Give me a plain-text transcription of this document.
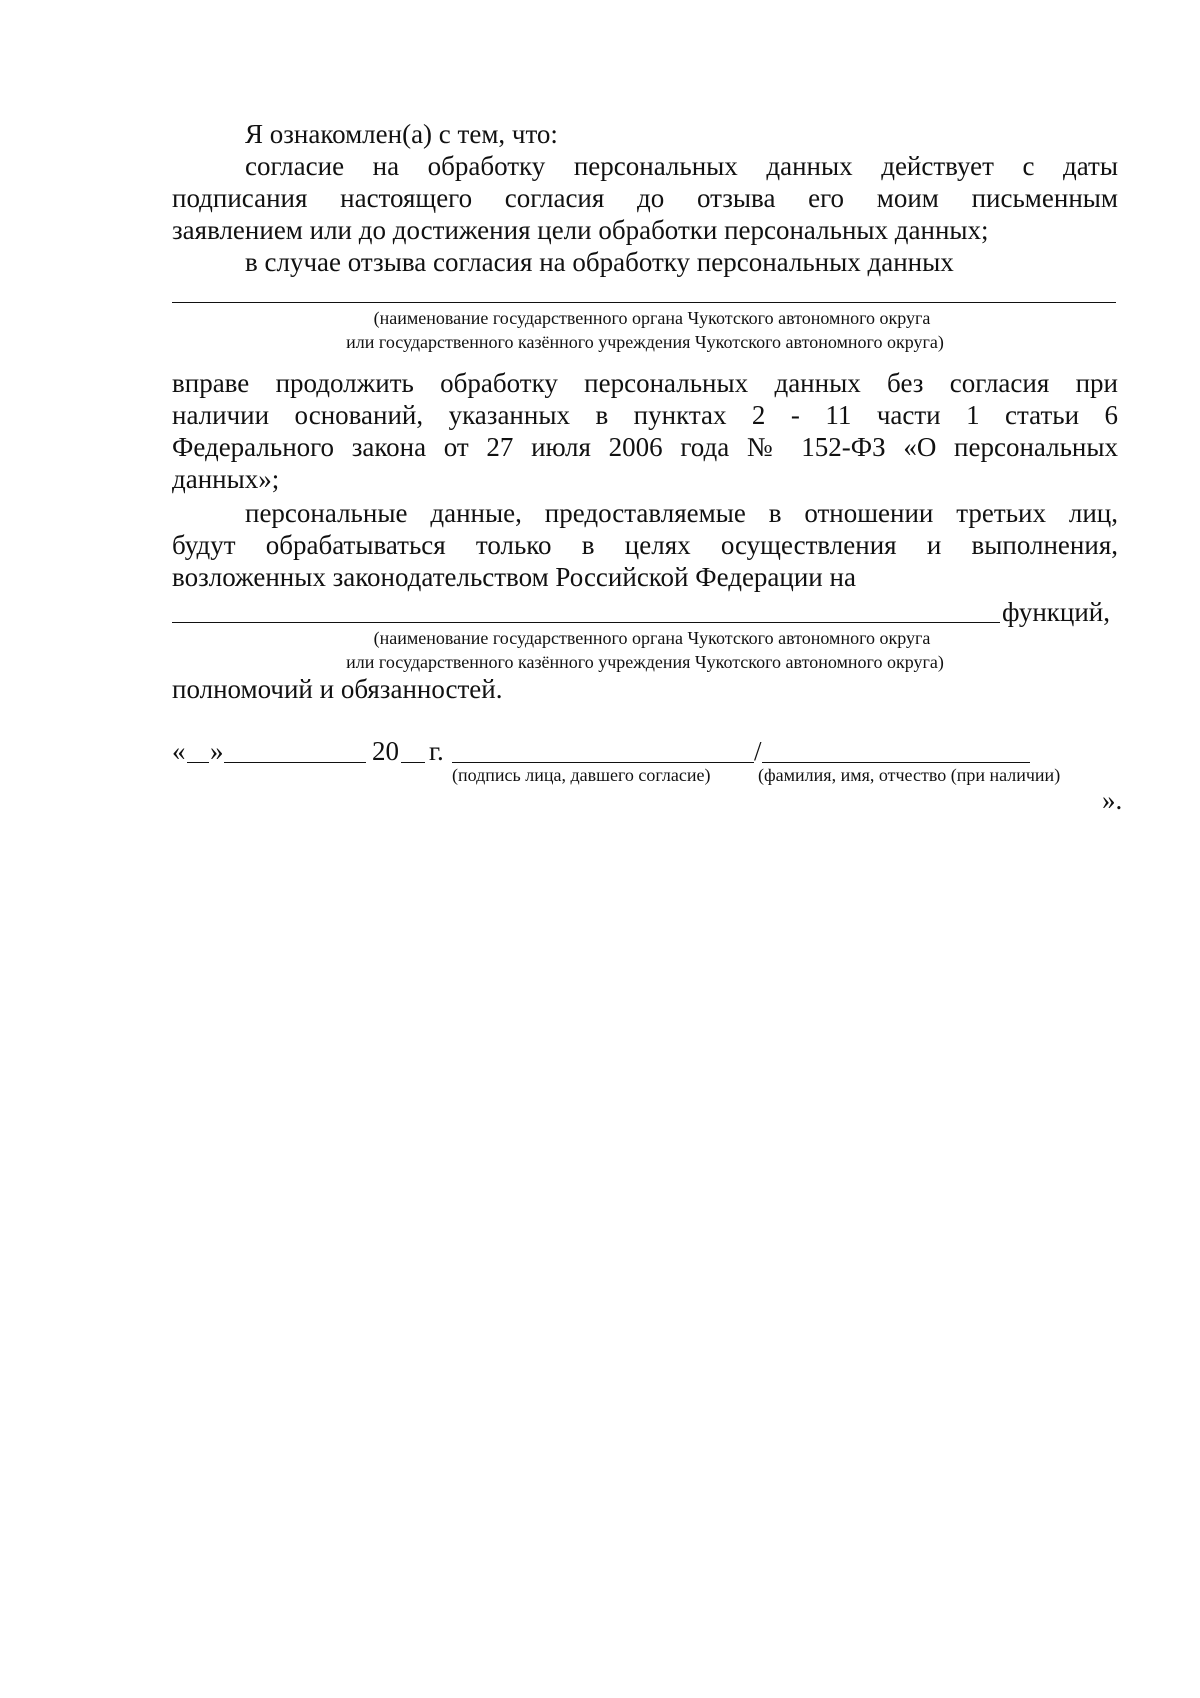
Я ознакомлен(а) с тем, что:
согласие на обработку персональных данных действует с даты
подписания настоящего согласия до отзыва его моим письменным
заявлением или до достижения цели обработки персональных данных;
в случае отзыва согласия на обработку персональных данных
(наименование государственного органа Чукотского автономного округа
или государственного казённого учреждения Чукотского автономного округа)
вправе продолжить обработку персональных данных без согласия при
наличии оснований, указанных в пунктах 2 - 11 части 1 статьи 6
Федерального закона от 27 июля 2006 года № 152-ФЗ «О персональных
данных»;
персональные данные, предоставляемые в отношении третьих лиц,
будут обрабатываться только в целях осуществления и выполнения,
возложенных законодательством Российской Федерации на
функций,
(наименование государственного органа Чукотского автономного округа
или государственного казённого учреждения Чукотского автономного округа)
полномочий и обязанностей.
« »	20 г.	/
(подпись лица, давшего согласие)	(фамилия, имя, отчество (при наличии)
».
